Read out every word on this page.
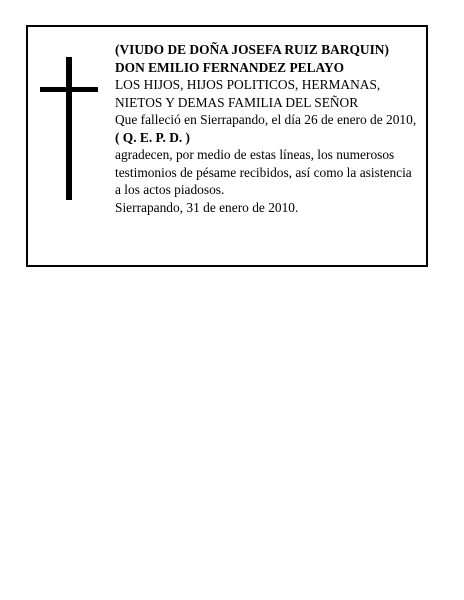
(VIUDO DE DOÑA JOSEFA RUIZ BARQUIN)
DON EMILIO FERNANDEZ PELAYO
LOS HIJOS, HIJOS POLITICOS, HERMANAS,
NIETOS Y DEMAS FAMILIA DEL SEÑOR
Que falleció en Sierrapando, el día 26 de enero de 2010,
( Q. E. P. D. )
agradecen, por medio de estas líneas, los numerosos
testimonios de pésame recibidos, así como la asistencia
a los actos piadosos.
Sierrapando, 31 de enero de 2010.
